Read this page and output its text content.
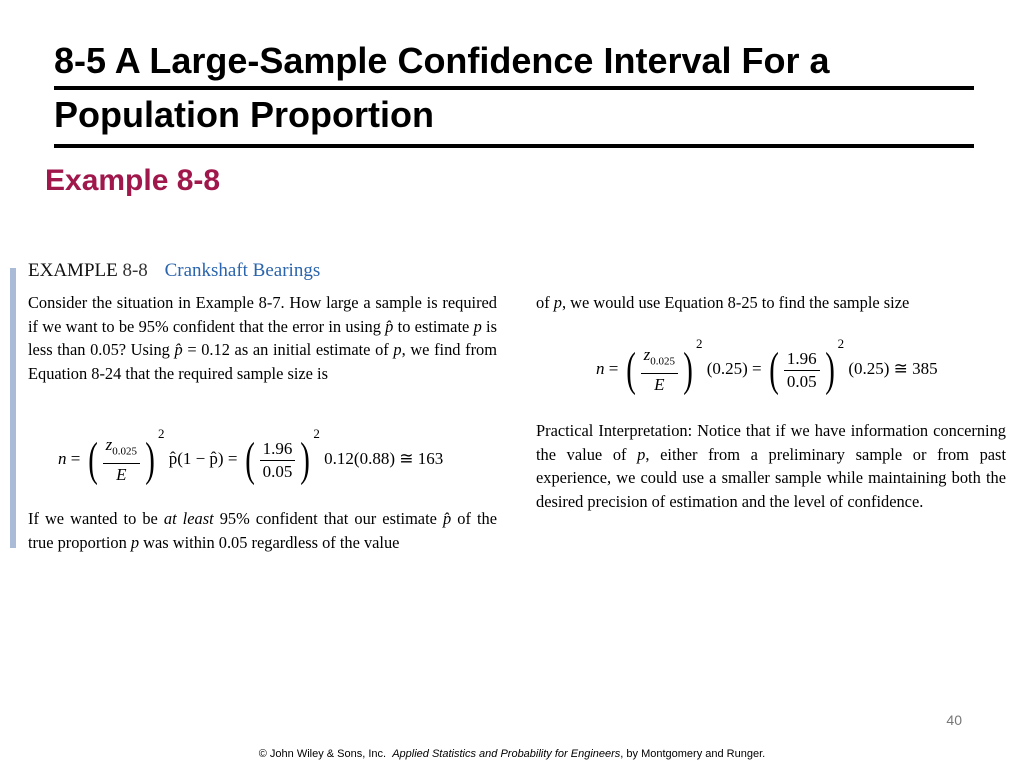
8-5 A Large-Sample Confidence Interval For a Population Proportion
Example 8-8
EXAMPLE 8-8 Crankshaft Bearings

Consider the situation in Example 8-7. How large a sample is required if we want to be 95% confident that the error in using p̂ to estimate p is less than 0.05? Using p̂ = 0.12 as an initial estimate of p, we find from Equation 8-24 that the required sample size is

n = ( $\frac{z_{0.025}}{E}$ ) $^2$ p̂(1 − p̂) = ( $\frac{1.96}{0.05}$ ) $^2$ 0.12(0.88) ≅ 163

If we wanted to be at least 95% confident that our estimate p̂ of the true proportion p was within 0.05 regardless of the value

of p, we would use Equation 8-25 to find the sample size

n = ( $\frac{z_{0.025}}{E}$ ) $^2$ (0.25) = ( $\frac{1.96}{0.05}$ ) $^2$ (0.25) ≅ 385

Practical Interpretation: Notice that if we have information concerning the value of p, either from a preliminary sample or from past experience, we could use a smaller sample while maintaining both the desired precision of estimation and the level of confidence.

40
© John Wiley & Sons, Inc. Applied Statistics and Probability for Engineers, by Montgomery and Runger.
